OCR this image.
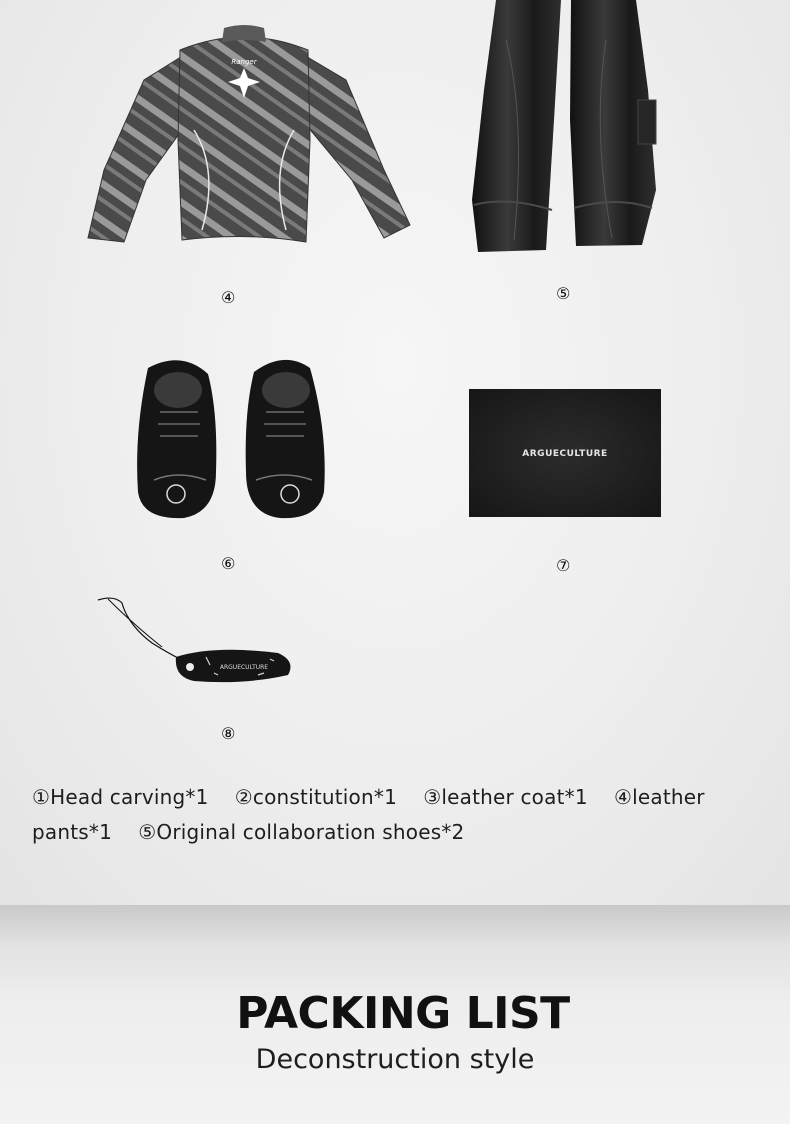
Ranger
ARGUECULTURE
ARGUECULTURE
④	⑤
⑥	⑦
⑧
①Head carving*1 ②constitution*1 ③leather coat*1 ④leather
pants*1 ⑤Original collaboration shoes*2
PACKING LIST
Deconstruction style
